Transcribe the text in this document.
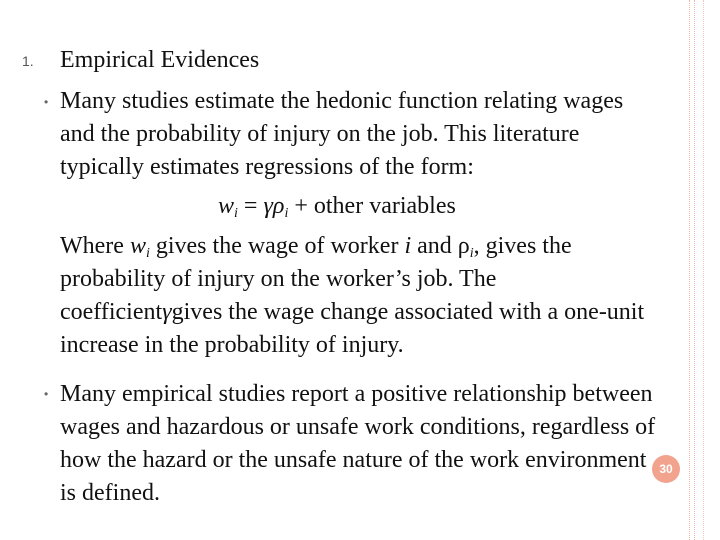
1. Empirical Evidences
• Many studies estimate the hedonic function relating wages and the probability of injury on the job. This literature typically estimates regressions of the form:
$w_i = \gamma\rho_i$ + other variables
Where $w_i$ gives the wage of worker i and $\rho_i$, gives the probability of injury on the worker’s job. The coefficientγgives the wage change associated with a one-unit increase in the probability of injury.
• Many empirical studies report a positive relationship between wages and hazardous or unsafe work conditions, regardless of how the hazard or the unsafe nature of the work environment is defined.
30
